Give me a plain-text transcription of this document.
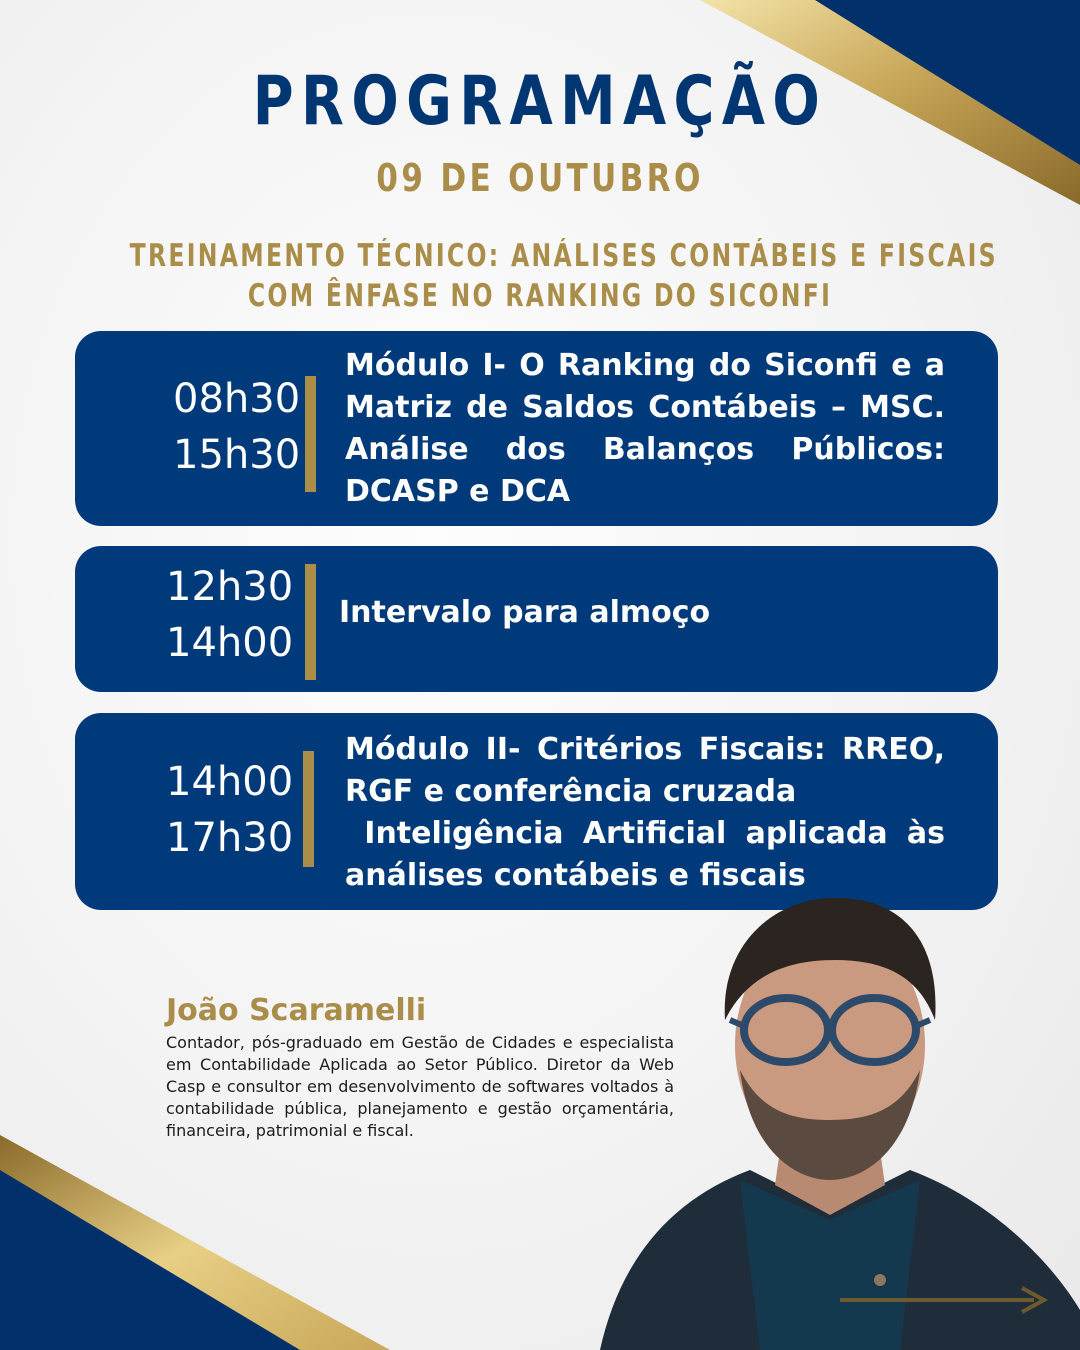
PROGRAMAÇÃO
09 DE OUTUBRO
TREINAMENTO TÉCNICO: ANÁLISES CONTÁBEIS E FISCAIS
COM ÊNFASE NO RANKING DO SICONFI
08h30
15h30
Módulo I- O Ranking do Siconfi e a Matriz de Saldos Contábeis – MSC. Análise dos Balanços Públicos: DCASP e DCA
12h30
14h00
Intervalo para almoço
14h00
17h30
Módulo II- Critérios Fiscais: RREO, RGF e conferência cruzada
Inteligência Artificial aplicada às análises contábeis e fiscais
João Scaramelli
Contador, pós-graduado em Gestão de Cidades e especialista em Contabilidade Aplicada ao Setor Público. Diretor da Web Casp e consultor em desenvolvimento de softwares voltados à contabilidade pública, planejamento e gestão orçamentária, financeira, patrimonial e fiscal.
